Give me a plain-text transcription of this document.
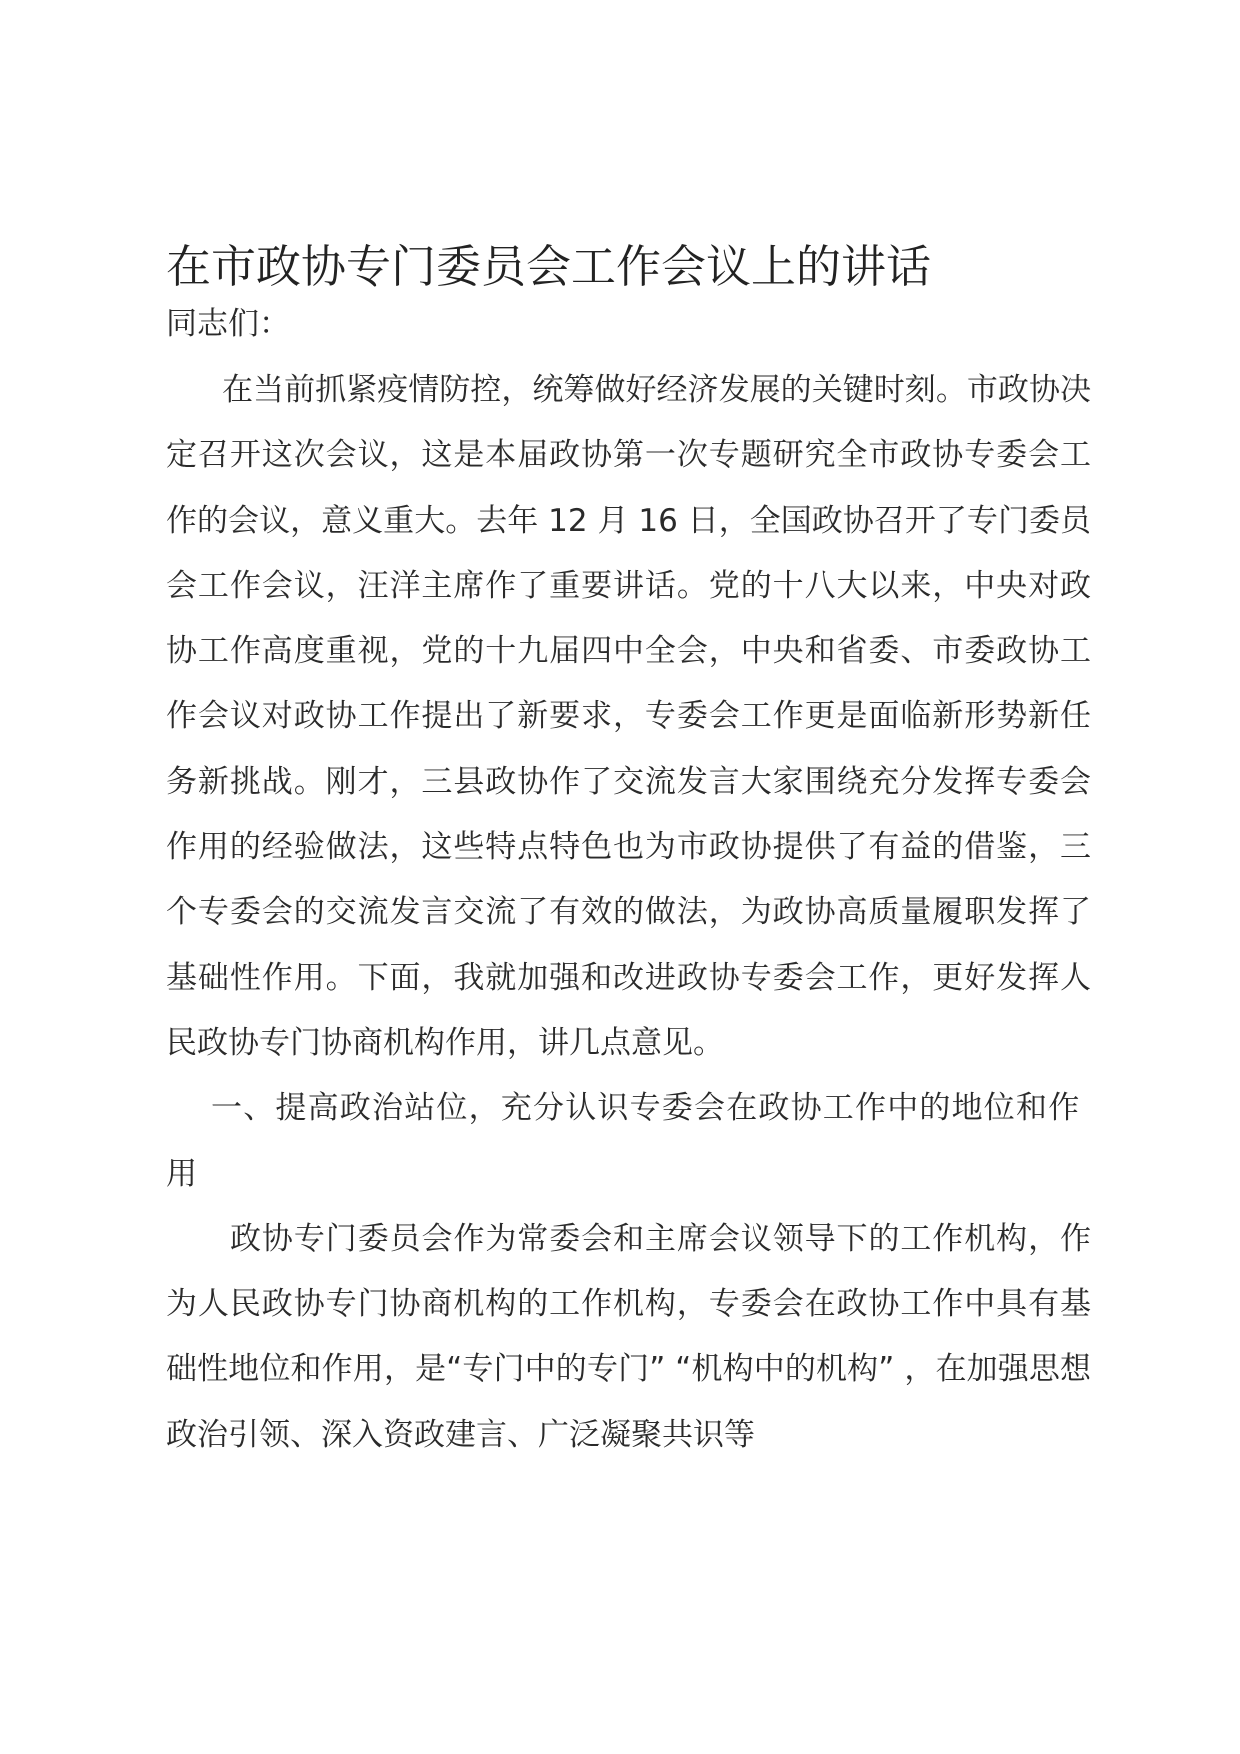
在市政协专门委员会工作会议上的讲话

同志们：

在当前抓紧疫情防控，统筹做好经济发展的关键时刻。市政协决定召开这次会议，这是本届政协第一次专题研究全市政协专委会工作的会议，意义重大。去年 12 月 16 日，全国政协召开了专门委员会工作会议，汪洋主席作了重要讲话。党的十八大以来，中央对政协工作高度重视，党的十九届四中全会，中央和省委、市委政协工作会议对政协工作提出了新要求，专委会工作更是面临新形势新任务新挑战。刚才，三县政协作了交流发言大家围绕充分发挥专委会作用的经验做法，这些特点特色也为市政协提供了有益的借鉴，三个专委会的交流发言交流了有效的做法，为政协高质量履职发挥了基础性作用。下面，我就加强和改进政协专委会工作，更好发挥人民政协专门协商机构作用，讲几点意见。

一、提高政治站位，充分认识专委会在政协工作中的地位和作用

政协专门委员会作为常委会和主席会议领导下的工作机构，作为人民政协专门协商机构的工作机构，专委会在政协工作中具有基础性地位和作用，是“专门中的专门” “机构中的机构” ，在加强思想政治引领、深入资政建言、广泛凝聚共识等
